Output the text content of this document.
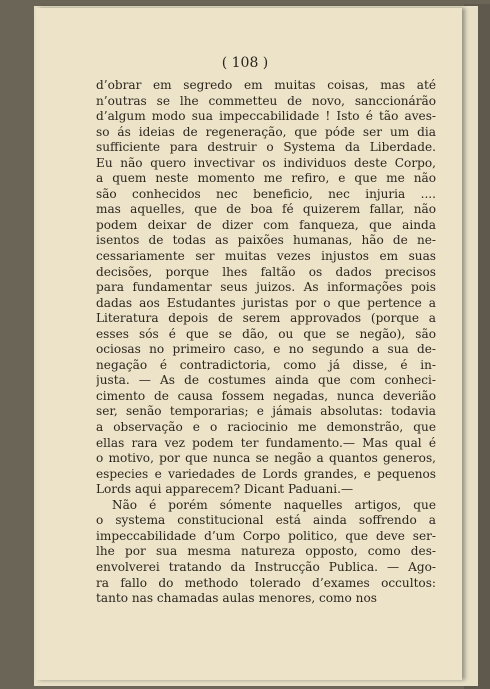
( 108 )
d’obrar em segredo em muitas coisas, mas até
n’outras se lhe commetteu de novo, sanccionárão
d’algum modo sua impeccabilidade ! Isto é tão aves-
so ás ideias de regeneração, que póde ser um dia
sufficiente para destruir o Systema da Liberdade.
Eu não quero invectivar os individuos deste Corpo,
a quem neste momento me refiro, e que me não
são conhecidos nec beneficio, nec injuria ....
mas aquelles, que de boa fé quizerem fallar, não
podem deixar de dizer com fanqueza, que ainda
isentos de todas as paixões humanas, hão de ne-
cessariamente ser muitas vezes injustos em suas
decisões, porque lhes faltão os dados precisos
para fundamentar seus juizos. As informações pois
dadas aos Estudantes juristas por o que pertence a
Literatura depois de serem approvados (porque a
esses sós é que se dão, ou que se negão), são
ociosas no primeiro caso, e no segundo a sua de-
negação é contradictoria, como já disse, é in-
justa. — As de costumes ainda que com conheci-
cimento de causa fossem negadas, nunca deverião
ser, senão temporarias; e jámais absolutas: todavia
a observação e o raciocinio me demonstrão, que
ellas rara vez podem ter fundamento.— Mas qual é
o motivo, por que nunca se negão a quantos generos,
especies e variedades de Lords grandes, e pequenos
Lords aqui apparecem? Dicant Paduani.—
Não é porém sómente naquelles artigos, que
o systema constitucional está ainda soffrendo a
impeccabilidade d’um Corpo politico, que deve ser-
lhe por sua mesma natureza opposto, como des-
envolverei tratando da Instrucção Publica. — Ago-
ra fallo do methodo tolerado d’exames occultos:
tanto nas chamadas aulas menores, como nos
